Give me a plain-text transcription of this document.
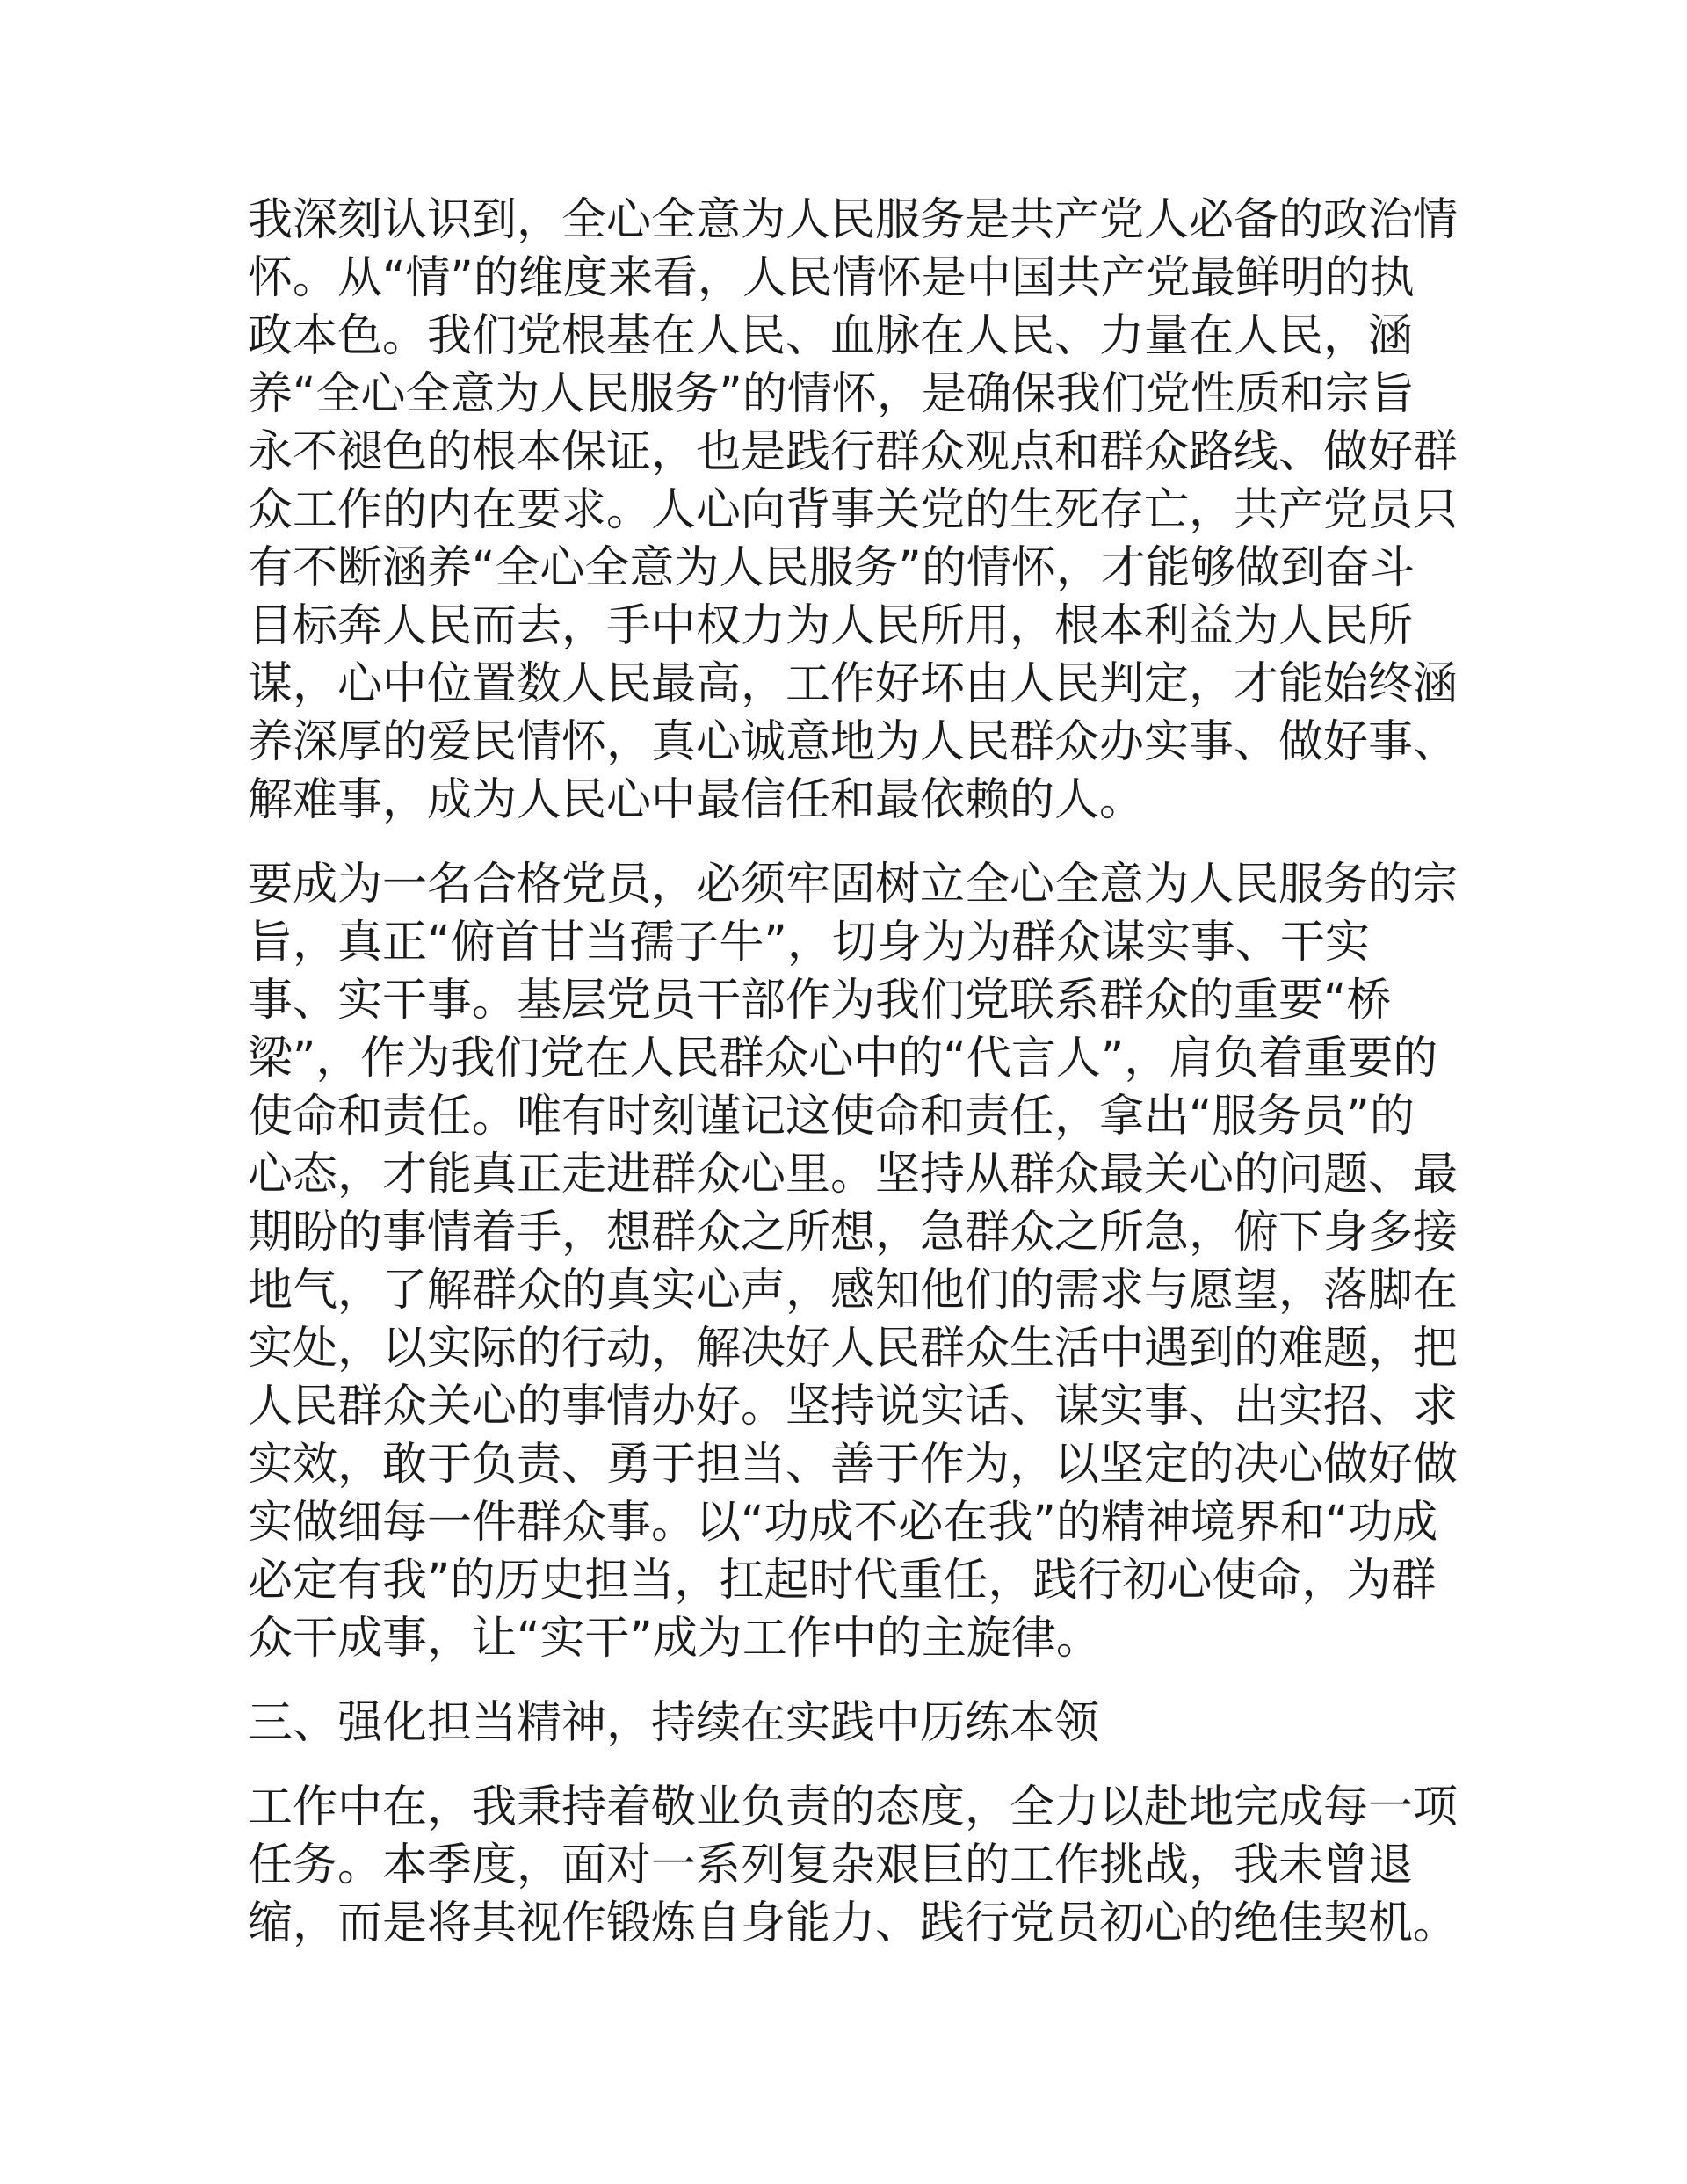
我深刻认识到，全心全意为人民服务是共产党人必备的政治情
怀。从“情”的维度来看，人民情怀是中国共产党最鲜明的执
政本色。我们党根基在人民、血脉在人民、力量在人民，涵
养“全心全意为人民服务”的情怀，是确保我们党性质和宗旨
永不褪色的根本保证，也是践行群众观点和群众路线、做好群
众工作的内在要求。人心向背事关党的生死存亡，共产党员只
有不断涵养“全心全意为人民服务”的情怀，才能够做到奋斗
目标奔人民而去，手中权力为人民所用，根本利益为人民所
谋，心中位置数人民最高，工作好坏由人民判定，才能始终涵
养深厚的爱民情怀，真心诚意地为人民群众办实事、做好事、
解难事，成为人民心中最信任和最依赖的人。
要成为一名合格党员，必须牢固树立全心全意为人民服务的宗
旨，真正“俯首甘当孺子牛”，切身为为群众谋实事、干实
事、实干事。基层党员干部作为我们党联系群众的重要“桥
梁”，作为我们党在人民群众心中的“代言人”，肩负着重要的
使命和责任。唯有时刻谨记这使命和责任，拿出“服务员”的
心态，才能真正走进群众心里。坚持从群众最关心的问题、最
期盼的事情着手，想群众之所想，急群众之所急，俯下身多接
地气，了解群众的真实心声，感知他们的需求与愿望，落脚在
实处，以实际的行动，解决好人民群众生活中遇到的难题，把
人民群众关心的事情办好。坚持说实话、谋实事、出实招、求
实效，敢于负责、勇于担当、善于作为，以坚定的决心做好做
实做细每一件群众事。以“功成不必在我”的精神境界和“功成
必定有我”的历史担当，扛起时代重任，践行初心使命，为群
众干成事，让“实干”成为工作中的主旋律。
三、强化担当精神，持续在实践中历练本领
工作中在，我秉持着敬业负责的态度，全力以赴地完成每一项
任务。本季度，面对一系列复杂艰巨的工作挑战，我未曾退
缩，而是将其视作锻炼自身能力、践行党员初心的绝佳契机。
